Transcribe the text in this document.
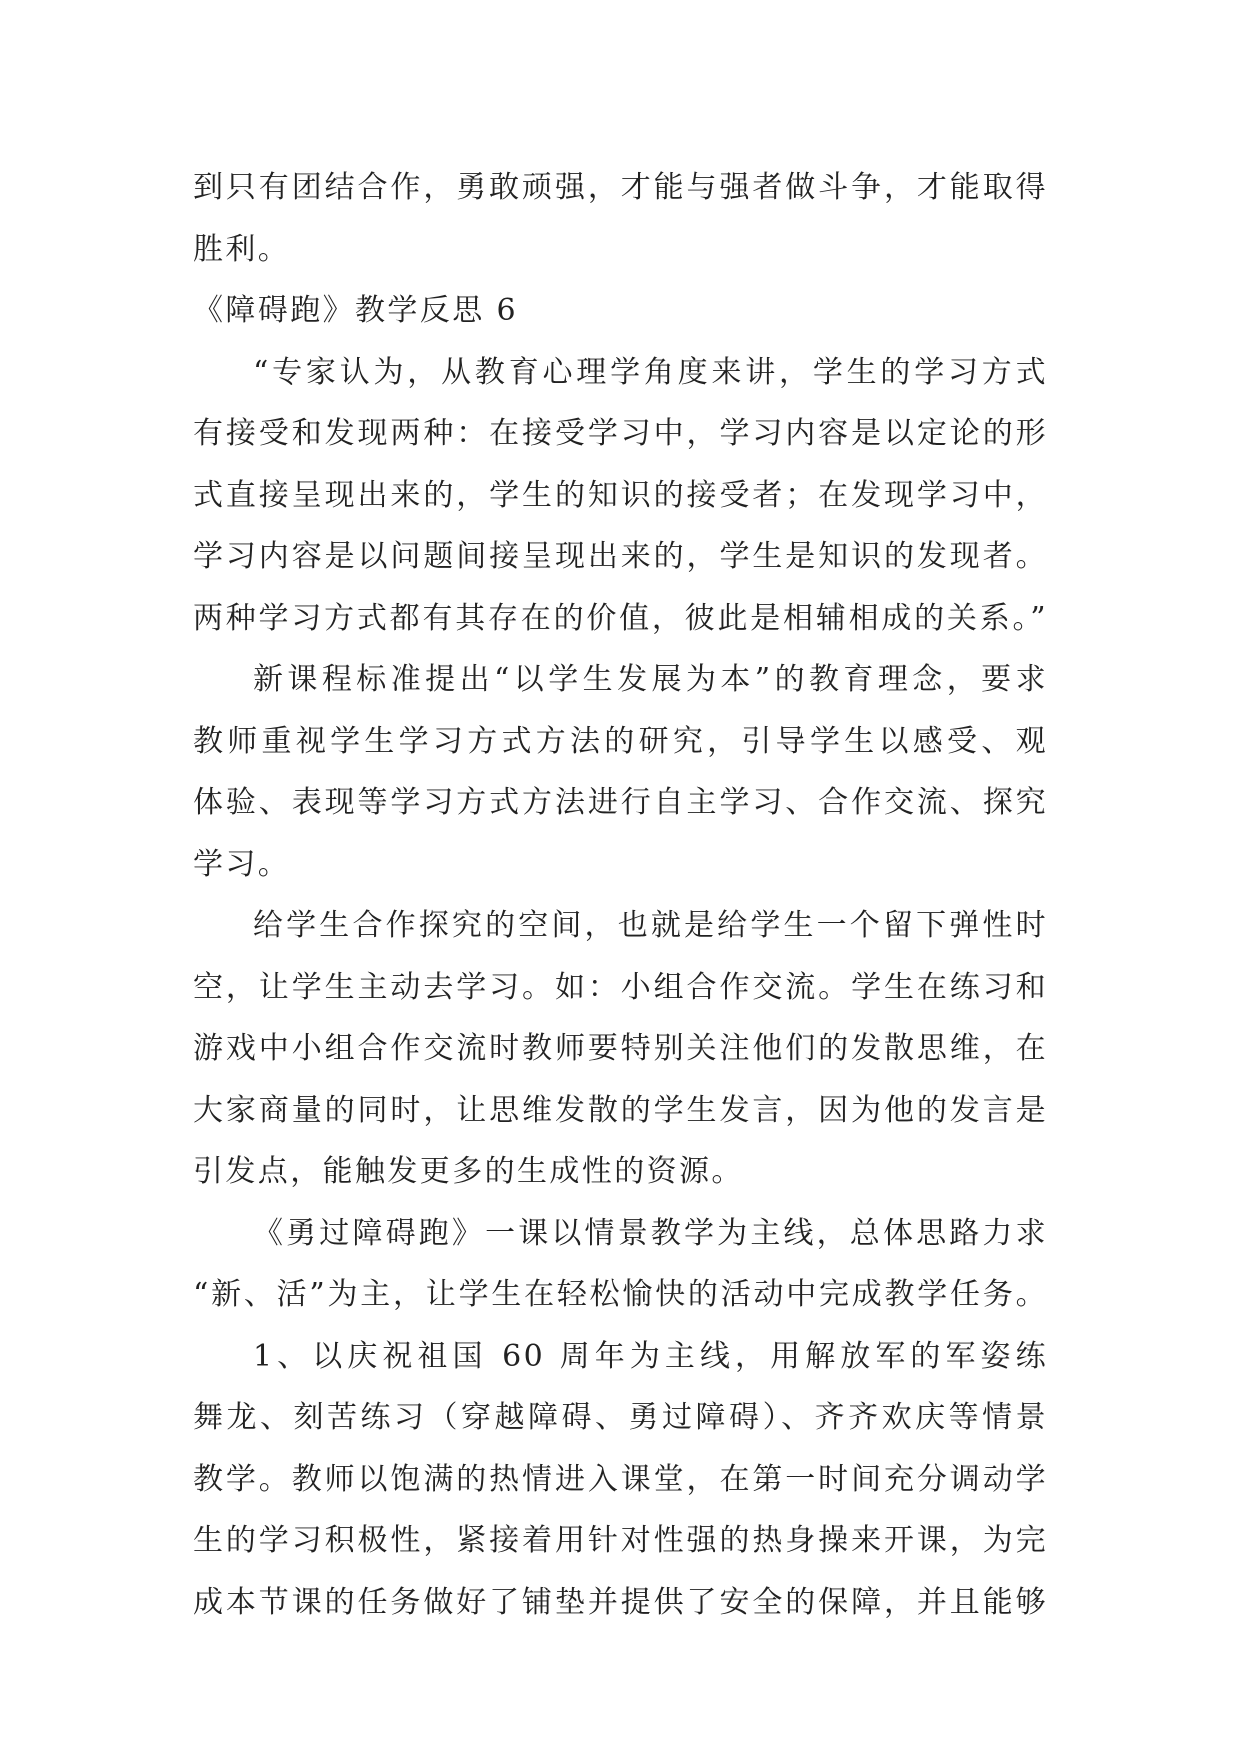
到只有团结合作，勇敢顽强，才能与强者做斗争，才能取得
胜利。
《障碍跑》教学反思 6
“专家认为，从教育心理学角度来讲，学生的学习方式
有接受和发现两种：在接受学习中，学习内容是以定论的形
式直接呈现出来的，学生的知识的接受者；在发现学习中，
学习内容是以问题间接呈现出来的，学生是知识的发现者。
两种学习方式都有其存在的价值，彼此是相辅相成的关系。”
新课程标准提出“以学生发展为本”的教育理念，要求
教师重视学生学习方式方法的研究，引导学生以感受、观
体验、表现等学习方式方法进行自主学习、合作交流、探究
学习。
给学生合作探究的空间，也就是给学生一个留下弹性时
空，让学生主动去学习。如：小组合作交流。学生在练习和
游戏中小组合作交流时教师要特别关注他们的发散思维，在
大家商量的同时，让思维发散的学生发言，因为他的发言是
引发点，能触发更多的生成性的资源。
《勇过障碍跑》一课以情景教学为主线，总体思路力求
“新、活”为主，让学生在轻松愉快的活动中完成教学任务。
1、以庆祝祖国 60 周年为主线，用解放军的军姿练
舞龙、刻苦练习（穿越障碍、勇过障碍）、齐齐欢庆等情景
教学。教师以饱满的热情进入课堂，在第一时间充分调动学
生的学习积极性，紧接着用针对性强的热身操来开课，为完
成本节课的任务做好了铺垫并提供了安全的保障，并且能够
